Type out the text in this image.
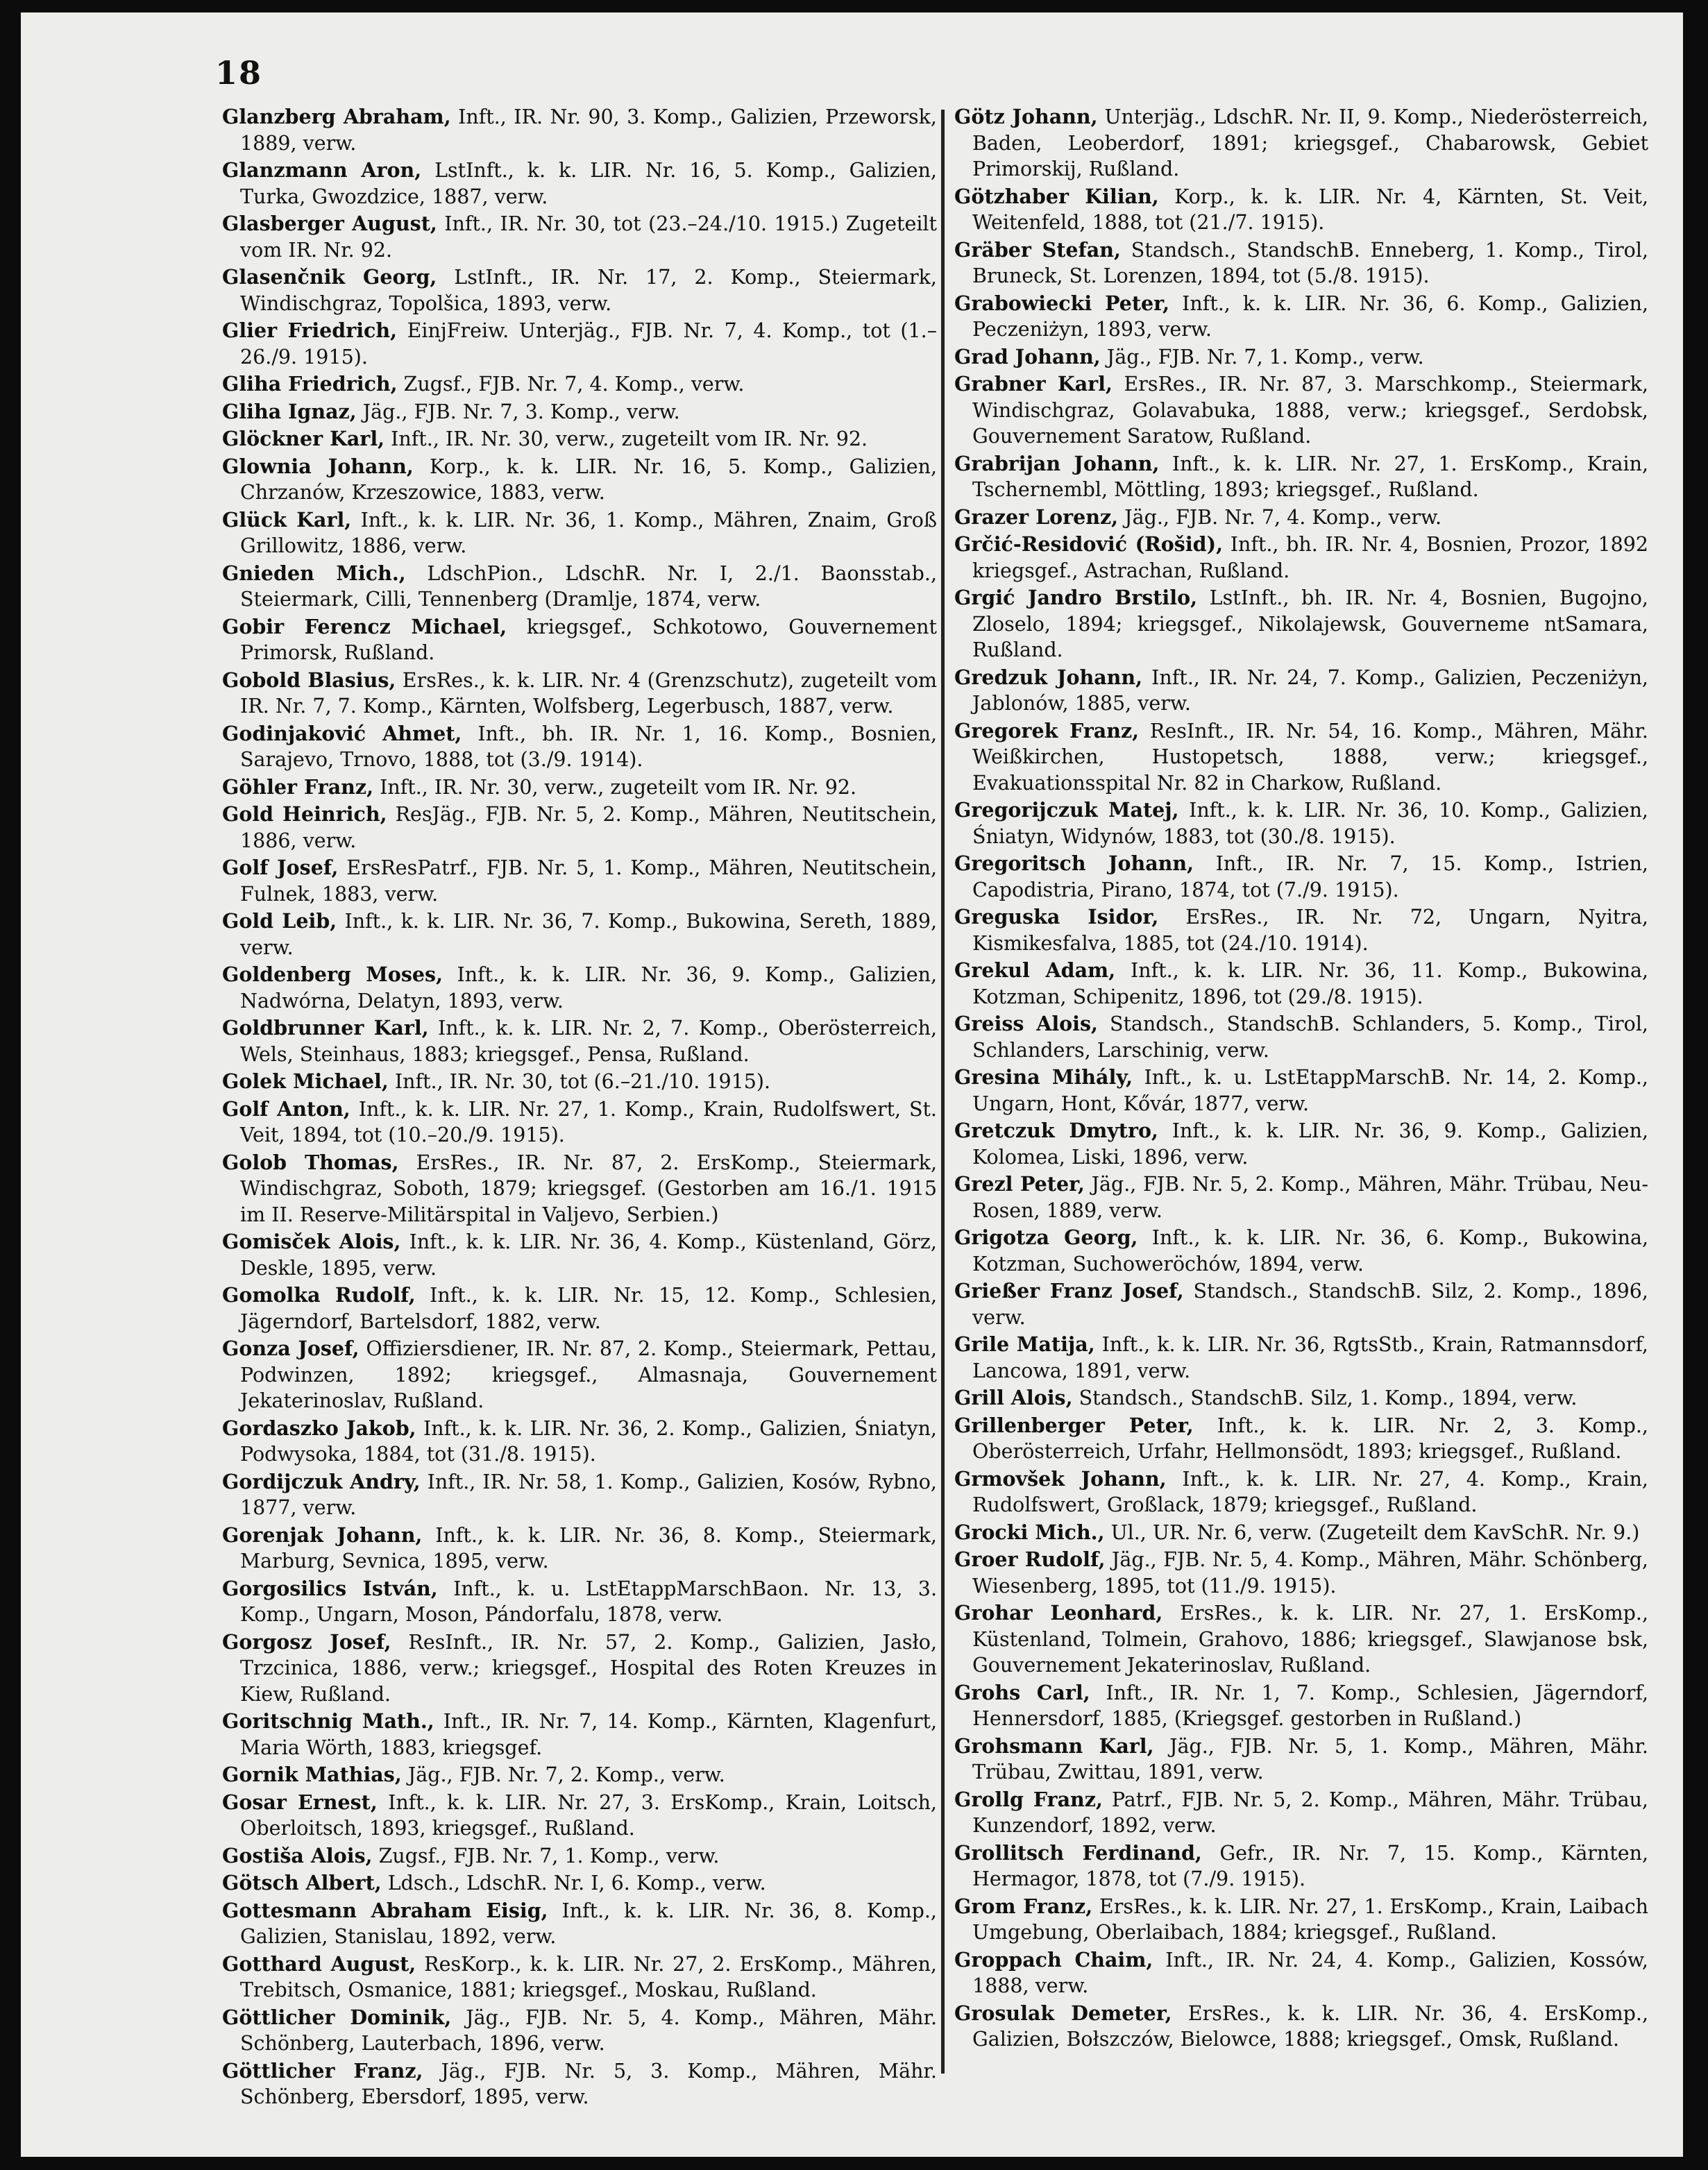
18

Glanzberg Abraham, Inft., IR. Nr. 90, 3. Komp., Galizien, Przeworsk, 1889, verw.

Glanzmann Aron, LstInft., k. k. LIR. Nr. 16, 5. Komp., Galizien, Turka, Gwozdzice, 1887, verw.

Glasberger August, Inft., IR. Nr. 30, tot (23.–24./10. 1915.) Zugeteilt vom IR. Nr. 92.

Glasenčnik Georg, LstInft., IR. Nr. 17, 2. Komp., Steiermark, Windischgraz, Topolšica, 1893, verw.

Glier Friedrich, EinjFreiw. Unterjäg., FJB. Nr. 7, 4. Komp., tot (1.–26./9. 1915).

Gliha Friedrich, Zugsf., FJB. Nr. 7, 4. Komp., verw.

Gliha Ignaz, Jäg., FJB. Nr. 7, 3. Komp., verw.

Glöckner Karl, Inft., IR. Nr. 30, verw., zugeteilt vom IR. Nr. 92.

Glownia Johann, Korp., k. k. LIR. Nr. 16, 5. Komp., Galizien, Chrzanów, Krzeszowice, 1883, verw.

Glück Karl, Inft., k. k. LIR. Nr. 36, 1. Komp., Mähren, Znaim, Groß Grillowitz, 1886, verw.

Gnieden Mich., LdschPion., LdschR. Nr. I, 2./1. Baonsstab., Steiermark, Cilli, Tennenberg (Dramlje, 1874, verw.

Gobir Ferencz Michael, kriegsgef., Schkotowo, Gouvernement Primorsk, Rußland.

Gobold Blasius, ErsRes., k. k. LIR. Nr. 4 (Grenzschutz), zugeteilt vom IR. Nr. 7, 7. Komp., Kärnten, Wolfsberg, Legerbusch, 1887, verw.

Godinjaković Ahmet, Inft., bh. IR. Nr. 1, 16. Komp., Bosnien, Sarajevo, Trnovo, 1888, tot (3./9. 1914).

Göhler Franz, Inft., IR. Nr. 30, verw., zugeteilt vom IR. Nr. 92.

Gold Heinrich, ResJäg., FJB. Nr. 5, 2. Komp., Mähren, Neutitschein, 1886, verw.

Golf Josef, ErsResPatrf., FJB. Nr. 5, 1. Komp., Mähren, Neutitschein, Fulnek, 1883, verw.

Gold Leib, Inft., k. k. LIR. Nr. 36, 7. Komp., Bukowina, Sereth, 1889, verw.

Goldenberg Moses, Inft., k. k. LIR. Nr. 36, 9. Komp., Galizien, Nadwórna, Delatyn, 1893, verw.

Goldbrunner Karl, Inft., k. k. LIR. Nr. 2, 7. Komp., Oberösterreich, Wels, Steinhaus, 1883; kriegsgef., Pensa, Rußland.

Golek Michael, Inft., IR. Nr. 30, tot (6.–21./10. 1915).

Golf Anton, Inft., k. k. LIR. Nr. 27, 1. Komp., Krain, Rudolfswert, St. Veit, 1894, tot (10.–20./9. 1915).

Golob Thomas, ErsRes., IR. Nr. 87, 2. ErsKomp., Steiermark, Windischgraz, Soboth, 1879; kriegsgef. (Gestorben am 16./1. 1915 im II. Reserve-Militärspital in Valjevo, Serbien.)

Gomisček Alois, Inft., k. k. LIR. Nr. 36, 4. Komp., Küstenland, Görz, Deskle, 1895, verw.

Gomolka Rudolf, Inft., k. k. LIR. Nr. 15, 12. Komp., Schlesien, Jägerndorf, Bartelsdorf, 1882, verw.

Gonza Josef, Offiziersdiener, IR. Nr. 87, 2. Komp., Steiermark, Pettau, Podwinzen, 1892; kriegsgef., Almasnaja, Gouvernement Jekaterinoslav, Rußland.

Gordaszko Jakob, Inft., k. k. LIR. Nr. 36, 2. Komp., Galizien, Śniatyn, Podwysoka, 1884, tot (31./8. 1915).

Gordijczuk Andry, Inft., IR. Nr. 58, 1. Komp., Galizien, Kosów, Rybno, 1877, verw.

Gorenjak Johann, Inft., k. k. LIR. Nr. 36, 8. Komp., Steiermark, Marburg, Sevnica, 1895, verw.

Gorgosilics István, Inft., k. u. LstEtappMarschBaon. Nr. 13, 3. Komp., Ungarn, Moson, Pándorfalu, 1878, verw.

Gorgosz Josef, ResInft., IR. Nr. 57, 2. Komp., Galizien, Jasło, Trzcinica, 1886, verw.; kriegsgef., Hospital des Roten Kreuzes in Kiew, Rußland.

Goritschnig Math., Inft., IR. Nr. 7, 14. Komp., Kärnten, Klagenfurt, Maria Wörth, 1883, kriegsgef.

Gornik Mathias, Jäg., FJB. Nr. 7, 2. Komp., verw.

Gosar Ernest, Inft., k. k. LIR. Nr. 27, 3. ErsKomp., Krain, Loitsch, Oberloitsch, 1893, kriegsgef., Rußland.

Gostiša Alois, Zugsf., FJB. Nr. 7, 1. Komp., verw.

Götsch Albert, Ldsch., LdschR. Nr. I, 6. Komp., verw.

Gottesmann Abraham Eisig, Inft., k. k. LIR. Nr. 36, 8. Komp., Galizien, Stanislau, 1892, verw.

Gotthard August, ResKorp., k. k. LIR. Nr. 27, 2. ErsKomp., Mähren, Trebitsch, Osmanice, 1881; kriegsgef., Moskau, Rußland.

Göttlicher Dominik, Jäg., FJB. Nr. 5, 4. Komp., Mähren, Mähr. Schönberg, Lauterbach, 1896, verw.

Göttlicher Franz, Jäg., FJB. Nr. 5, 3. Komp., Mähren, Mähr. Schönberg, Ebersdorf, 1895, verw.

Götz Johann, Unterjäg., LdschR. Nr. II, 9. Komp., Niederösterreich, Baden, Leoberdorf, 1891; kriegsgef., Chabarowsk, Gebiet Primorskij, Rußland.

Götzhaber Kilian, Korp., k. k. LIR. Nr. 4, Kärnten, St. Veit, Weitenfeld, 1888, tot (21./7. 1915).

Gräber Stefan, Standsch., StandschB. Enneberg, 1. Komp., Tirol, Bruneck, St. Lorenzen, 1894, tot (5./8. 1915).

Grabowiecki Peter, Inft., k. k. LIR. Nr. 36, 6. Komp., Galizien, Peczeniżyn, 1893, verw.

Grad Johann, Jäg., FJB. Nr. 7, 1. Komp., verw.

Grabner Karl, ErsRes., IR. Nr. 87, 3. Marschkomp., Steiermark, Windischgraz, Golavabuka, 1888, verw.; kriegsgef., Serdobsk, Gouvernement Saratow, Rußland.

Grabrijan Johann, Inft., k. k. LIR. Nr. 27, 1. ErsKomp., Krain, Tschernembl, Möttling, 1893; kriegsgef., Rußland.

Grazer Lorenz, Jäg., FJB. Nr. 7, 4. Komp., verw.

Grčić-Residović (Rošid), Inft., bh. IR. Nr. 4, Bosnien, Prozor, 1892 kriegsgef., Astrachan, Rußland.

Grgić Jandro Brstilo, LstInft., bh. IR. Nr. 4, Bosnien, Bugojno, Zloselo, 1894; kriegsgef., Nikolajewsk, Gouverneme ntSamara, Rußland.

Gredzuk Johann, Inft., IR. Nr. 24, 7. Komp., Galizien, Peczeniżyn, Jablonów, 1885, verw.

Gregorek Franz, ResInft., IR. Nr. 54, 16. Komp., Mähren, Mähr. Weißkirchen, Hustopetsch, 1888, verw.; kriegsgef., Evakuationsspital Nr. 82 in Charkow, Rußland.

Gregorijczuk Matej, Inft., k. k. LIR. Nr. 36, 10. Komp., Galizien, Śniatyn, Widynów, 1883, tot (30./8. 1915).

Gregoritsch Johann, Inft., IR. Nr. 7, 15. Komp., Istrien, Capodistria, Pirano, 1874, tot (7./9. 1915).

Greguska Isidor, ErsRes., IR. Nr. 72, Ungarn, Nyitra, Kismikesfalva, 1885, tot (24./10. 1914).

Grekul Adam, Inft., k. k. LIR. Nr. 36, 11. Komp., Bukowina, Kotzman, Schipenitz, 1896, tot (29./8. 1915).

Greiss Alois, Standsch., StandschB. Schlanders, 5. Komp., Tirol, Schlanders, Larschinig, verw.

Gresina Mihály, Inft., k. u. LstEtappMarschB. Nr. 14, 2. Komp., Ungarn, Hont, Kővár, 1877, verw.

Gretczuk Dmytro, Inft., k. k. LIR. Nr. 36, 9. Komp., Galizien, Kolomea, Liski, 1896, verw.

Grezl Peter, Jäg., FJB. Nr. 5, 2. Komp., Mähren, Mähr. Trübau, Neu-Rosen, 1889, verw.

Grigotza Georg, Inft., k. k. LIR. Nr. 36, 6. Komp., Bukowina, Kotzman, Suchoweröchów, 1894, verw.

Grießer Franz Josef, Standsch., StandschB. Silz, 2. Komp., 1896, verw.

Grile Matija, Inft., k. k. LIR. Nr. 36, RgtsStb., Krain, Ratmannsdorf, Lancowa, 1891, verw.

Grill Alois, Standsch., StandschB. Silz, 1. Komp., 1894, verw.

Grillenberger Peter, Inft., k. k. LIR. Nr. 2, 3. Komp., Oberösterreich, Urfahr, Hellmonsödt, 1893; kriegsgef., Rußland.

Grmovšek Johann, Inft., k. k. LIR. Nr. 27, 4. Komp., Krain, Rudolfswert, Großlack, 1879; kriegsgef., Rußland.

Grocki Mich., Ul., UR. Nr. 6, verw. (Zugeteilt dem KavSchR. Nr. 9.)

Groer Rudolf, Jäg., FJB. Nr. 5, 4. Komp., Mähren, Mähr. Schönberg, Wiesenberg, 1895, tot (11./9. 1915).

Grohar Leonhard, ErsRes., k. k. LIR. Nr. 27, 1. ErsKomp., Küstenland, Tolmein, Grahovo, 1886; kriegsgef., Slawjanose bsk, Gouvernement Jekaterinoslav, Rußland.

Grohs Carl, Inft., IR. Nr. 1, 7. Komp., Schlesien, Jägerndorf, Hennersdorf, 1885, (Kriegsgef. gestorben in Rußland.)

Grohsmann Karl, Jäg., FJB. Nr. 5, 1. Komp., Mähren, Mähr. Trübau, Zwittau, 1891, verw.

Grollg Franz, Patrf., FJB. Nr. 5, 2. Komp., Mähren, Mähr. Trübau, Kunzendorf, 1892, verw.

Grollitsch Ferdinand, Gefr., IR. Nr. 7, 15. Komp., Kärnten, Hermagor, 1878, tot (7./9. 1915).

Grom Franz, ErsRes., k. k. LIR. Nr. 27, 1. ErsKomp., Krain, Laibach Umgebung, Oberlaibach, 1884; kriegsgef., Rußland.

Groppach Chaim, Inft., IR. Nr. 24, 4. Komp., Galizien, Kossów, 1888, verw.

Grosulak Demeter, ErsRes., k. k. LIR. Nr. 36, 4. ErsKomp., Galizien, Bołszczów, Bielowce, 1888; kriegsgef., Omsk, Rußland.
